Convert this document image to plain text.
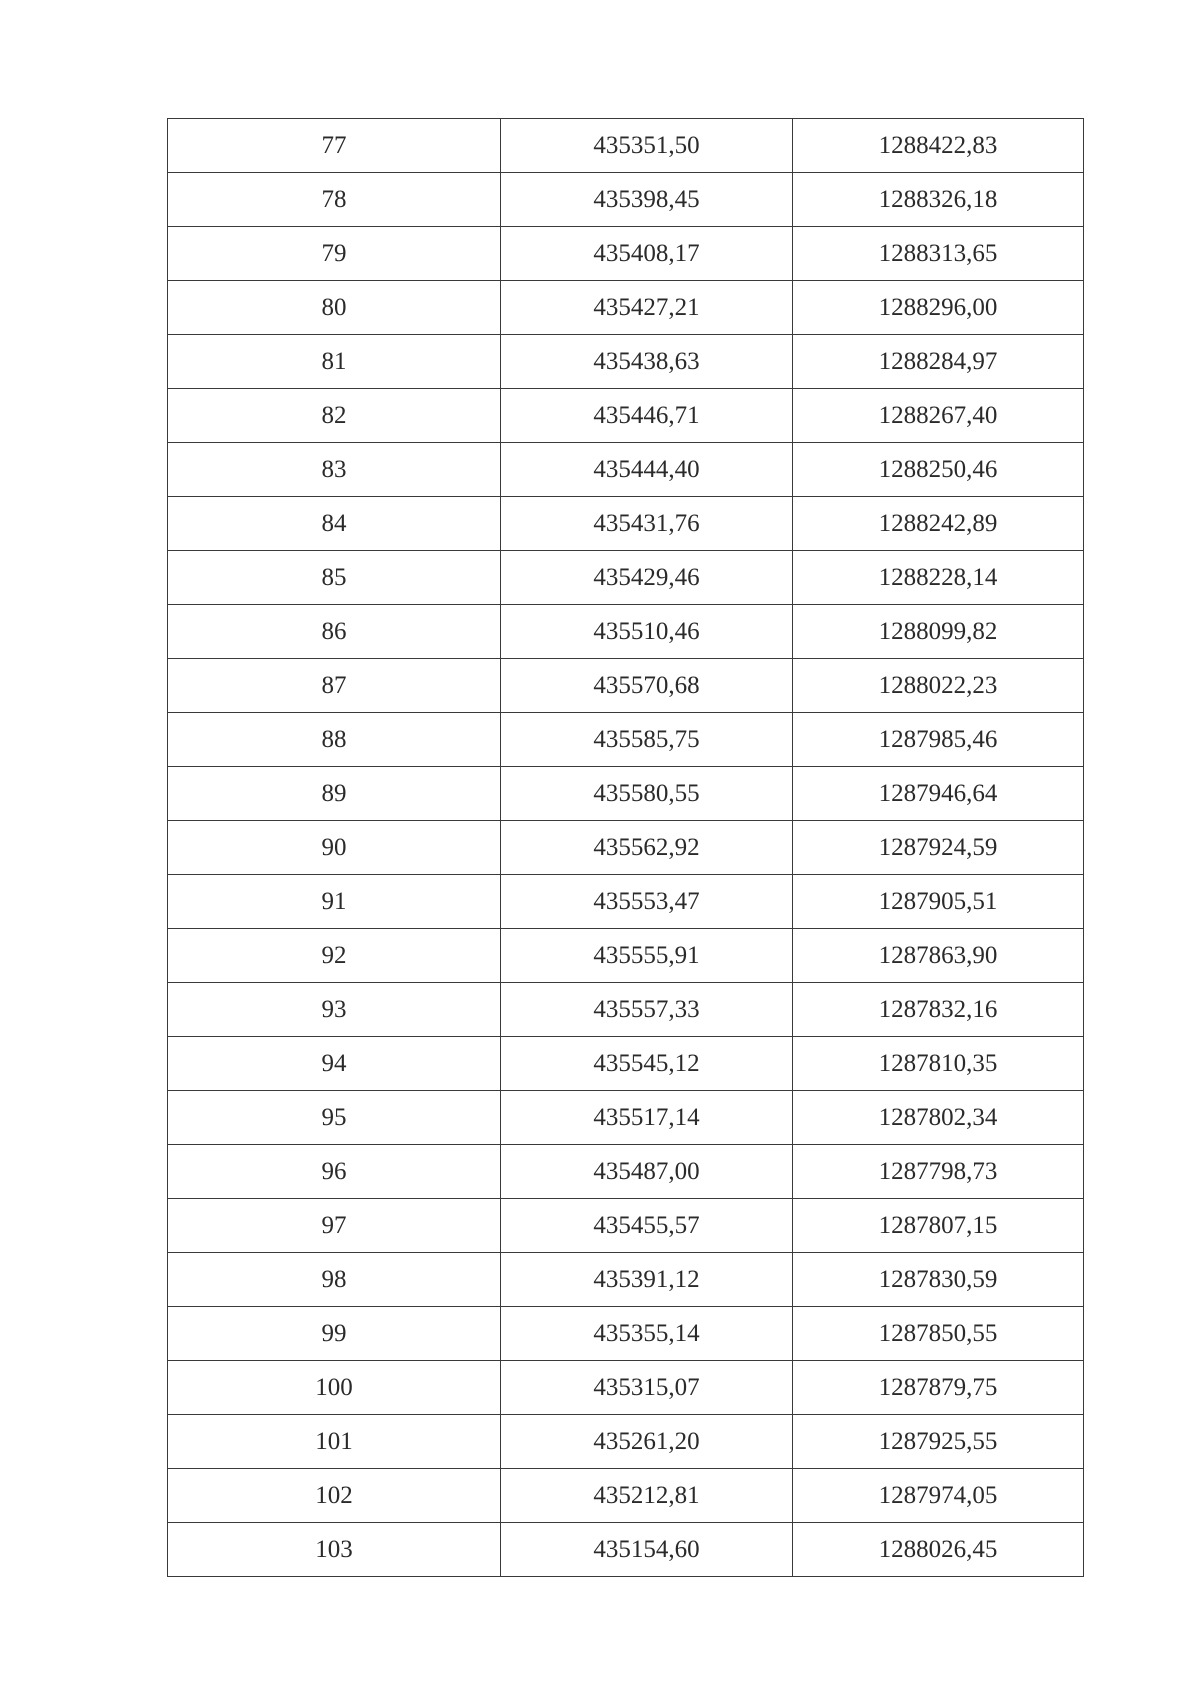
77	435351,50	1288422,83
78	435398,45	1288326,18
79	435408,17	1288313,65
80	435427,21	1288296,00
81	435438,63	1288284,97
82	435446,71	1288267,40
83	435444,40	1288250,46
84	435431,76	1288242,89
85	435429,46	1288228,14
86	435510,46	1288099,82
87	435570,68	1288022,23
88	435585,75	1287985,46
89	435580,55	1287946,64
90	435562,92	1287924,59
91	435553,47	1287905,51
92	435555,91	1287863,90
93	435557,33	1287832,16
94	435545,12	1287810,35
95	435517,14	1287802,34
96	435487,00	1287798,73
97	435455,57	1287807,15
98	435391,12	1287830,59
99	435355,14	1287850,55
100	435315,07	1287879,75
101	435261,20	1287925,55
102	435212,81	1287974,05
103	435154,60	1288026,45
